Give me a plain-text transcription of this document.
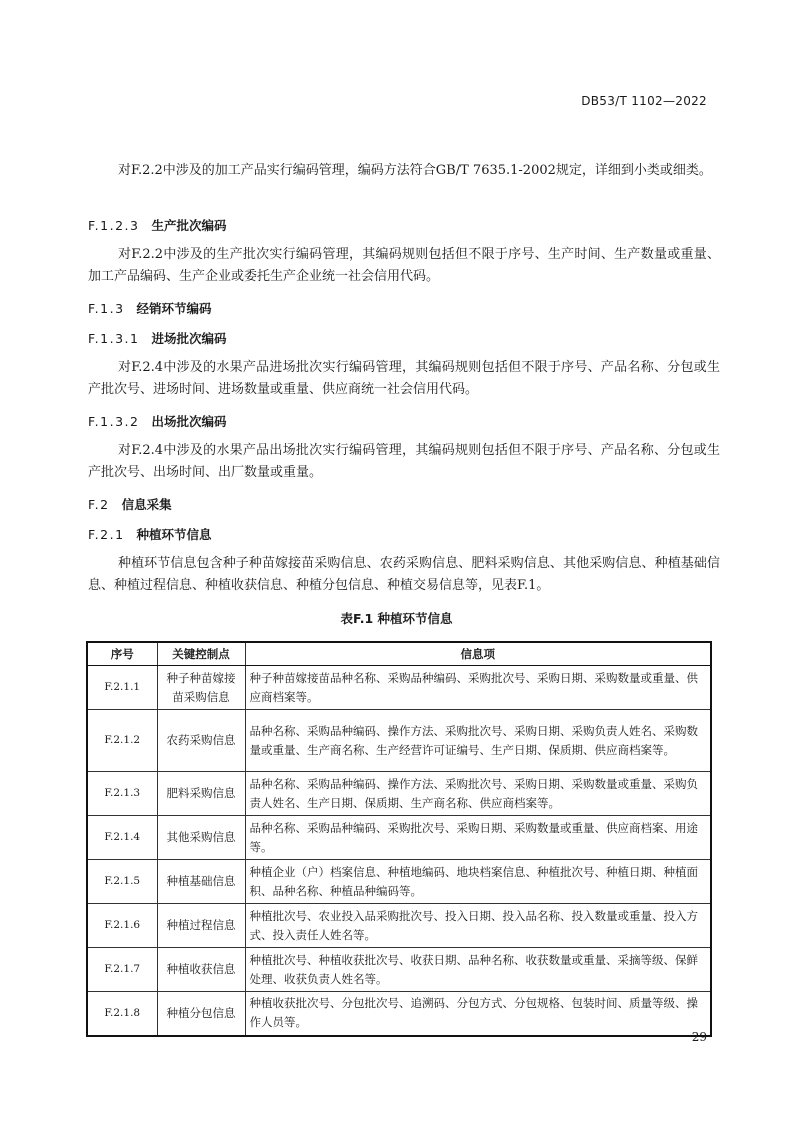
DB53/T 1102—2022

对F.2.2中涉及的加工产品实行编码管理，编码方法符合GB/T 7635.1-2002规定，详细到小类或细类。

F.1.2.3 生产批次编码

对F.2.2中涉及的生产批次实行编码管理，其编码规则包括但不限于序号、生产时间、生产数量或重量、加工产品编码、生产企业或委托生产企业统一社会信用代码。

F.1.3 经销环节编码

F.1.3.1 进场批次编码

对F.2.4中涉及的水果产品进场批次实行编码管理，其编码规则包括但不限于序号、产品名称、分包或生产批次号、进场时间、进场数量或重量、供应商统一社会信用代码。

F.1.3.2 出场批次编码

对F.2.4中涉及的水果产品出场批次实行编码管理，其编码规则包括但不限于序号、产品名称、分包或生产批次号、出场时间、出厂数量或重量。

F.2 信息采集

F.2.1 种植环节信息

种植环节信息包含种子种苗嫁接苗采购信息、农药采购信息、肥料采购信息、其他采购信息、种植基础信息、种植过程信息、种植收获信息、种植分包信息、种植交易信息等，见表F.1。

表F.1 种植环节信息

序号	关键控制点	信息项
F.2.1.1	种子种苗嫁接苗采购信息	种子种苗嫁接苗品种名称、采购品种编码、采购批次号、采购日期、采购数量或重量、供应商档案等。
F.2.1.2	农药采购信息	品种名称、采购品种编码、操作方法、采购批次号、采购日期、采购负责人姓名、采购数量或重量、生产商名称、生产经营许可证编号、生产日期、保质期、供应商档案等。
F.2.1.3	肥料采购信息	品种名称、采购品种编码、操作方法、采购批次号、采购日期、采购数量或重量、采购负责人姓名、生产日期、保质期、生产商名称、供应商档案等。
F.2.1.4	其他采购信息	品种名称、采购品种编码、采购批次号、采购日期、采购数量或重量、供应商档案、用途等。
F.2.1.5	种植基础信息	种植企业（户）档案信息、种植地编码、地块档案信息、种植批次号、种植日期、种植面积、品种名称、种植品种编码等。
F.2.1.6	种植过程信息	种植批次号、农业投入品采购批次号、投入日期、投入品名称、投入数量或重量、投入方式、投入责任人姓名等。
F.2.1.7	种植收获信息	种植批次号、种植收获批次号、收获日期、品种名称、收获数量或重量、采摘等级、保鲜处理、收获负责人姓名等。
F.2.1.8	种植分包信息	种植收获批次号、分包批次号、追溯码、分包方式、分包规格、包装时间、质量等级、操作人员等。
29
